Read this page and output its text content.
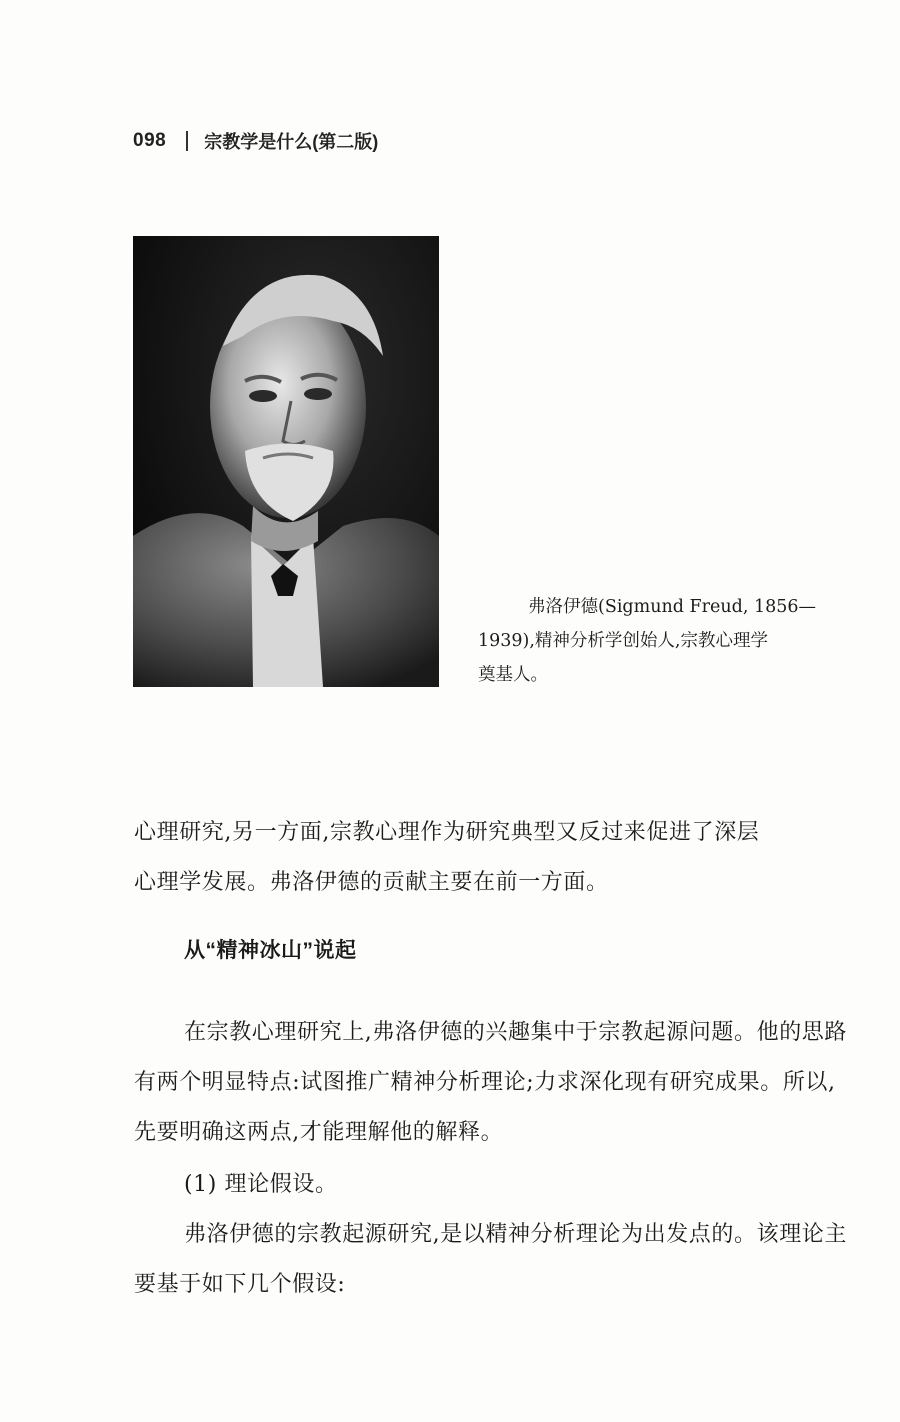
098 宗教学是什么(第二版)
弗洛伊德(Sigmund Freud, 1856—
1939),精神分析学创始人,宗教心理学
奠基人。

心理研究,另一方面,宗教心理作为研究典型又反过来促进了深层

心理学发展。弗洛伊德的贡献主要在前一方面。

从“精神冰山”说起

在宗教心理研究上,弗洛伊德的兴趣集中于宗教起源问题。他的思路有两个明显特点:试图推广精神分析理论;力求深化现有研究成果。所以,先要明确这两点,才能理解他的解释。

(1) 理论假设。

弗洛伊德的宗教起源研究,是以精神分析理论为出发点的。该理论主要基于如下几个假设:
